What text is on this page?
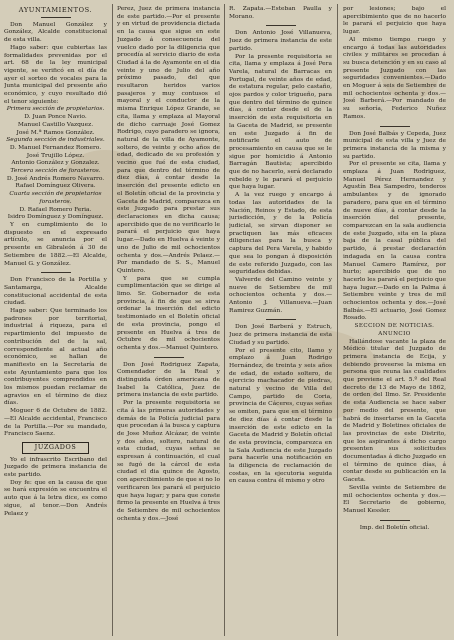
AYUNTAMIENTOS.

Don Manuel González y González, Alcalde constitucional de esta villa.

Hago saber: que cubiertas las formalidades prevenidas por el art. 68 de la ley municipal vigente, se verificó en el día de ayer el sorteo de vocales para la Junta municipal del presente año económico, y cuyo resultado dió el tenor siguiente:

Primera sección de propietarios.

D. Juan Ponce Navio.
Manuel Castillo Vazquez.
José M.ª Ramos González.

Segunda sección de industriales.

D. Manuel Fernandez Romero.
José Trujillo López.
Antonio González y Gonzalez.

Tercera sección de forasteros.

D. José Andrés Romero Navarro.
Rafael Domínguez Olivera.

Cuarta sección de propietarios forasteros.

D. Rafael Romero Feria.
Isidro Domínguez y Domínguez.

Y en cumplimiento de lo dispuesto en el expresado artículo, se anuncia por el presente en Gibraleón á 30 de Setiembre de 1882.—El Alcalde, Manuel G. y González.

Don Francisco de la Portilla y Santamarga, Alcalde constitucional accidental de esta ciudad.

Hago saber: Que terminado los padrones por territorial, industrial á riqueza, para el repartimiento del impuesto de contribución del de la sal, correspondiente al actual año económico, se hallan de manifiesto en la Secretaría de este Ayuntamiento para que los contribuyentes comprendidos en los mismos puedan reclamar de agravios en el término de diez días.

Moguer 6 de Octubre de 1882.—El Alcalde accidental, Francisco de la Portilla.—Por su mandado, Francisco Saenz.

JUZGADOS

Yo el infrascrito Escribano del Juzgado de primera instancia de este partido.

Doy fe: que en la causa de que se hará expresión se encuentra el auto que á la letra dice, es como sigue, al tenor.—Don Andrés Pelaez y

Perez, Juez de primera instancia de este partido.—Por el presente y en virtud de providencia dictada en la causa que sigue en este Juzgado á consecuencia del vuelco dado por la diligencia que procedía al servicio diario de esta Ciudad á la de Ayamonte en el dia veinte y uno de Julio del año próximo pasado, del que resultaron heridos varios pasajeros y muy contusos el mayoral y el conductor de la misma Enrique López Grande, se cita, llama y emplaza al Mayoral de dicho carruaje José Gomez Rodrigo, cuyo paradero se ignora, natural de la villa de Ayamonte, soltero, de veinte y ocho años de edad, dedicado de su profesión y vecino que fué de esta ciudad, para que dentro del término de diez días, á contar desde la inserción del presente edicto en el Boletín oficial de la provincia y Gaceta de Madrid, comparezca en este Juzgado para prestar sus declaraciones en dicha causa; apercibido que de no verificarlo le parará el perjuicio que haya lugar.—Dado en Huelva á veinte y uno de Julio de mil ochocientos ochenta y dos.—Andrés Pelaez.—Por mandado de S. S., Manuel Quintero.

Y para que se cumpla cumplimentación que se dirige al limo. Sr. Gobernador de esta provincia, á fin de que se sirva ordenar la inserción del edicto testimoniado en el Boletín oficial de esta provincia, pongo el presente en Huelva á tres de Octubre de mil ochocientos ochenta y dos.—Manuel Quintero.

Don José Rodriguez Zapata, Comendador de la Real y distinguida órden americana de Isabel la Católica, Juez de primera instancia de este partido.

Por la presente requisitoria se cita á las primeras autoridades y demás de la Policía judicial para que procedan á la busca y captura de Jose Muñoz Alcázar, de veinte y dos años, soltero, natural de esta ciudad, cuyas señas se expresan á continuación, el cual se fugó de la cárcel de esta ciudad el dia quince de Agosto, con apercibimiento de que si no lo verificaren les parará el perjuicio que haya lugar; y para que conste firmo la presente en Huelva á tres de Setiembre de mil ochocientos ochenta y dos.—José

R. Zapata.—Esteban Paulla y Morano.

Don Antonio José Villanueva, Juez de primera instancia de este partido.

Por la presente requisitoria se cita, llama y emplaza á José Pera Varela, natural de Barracas en Portugal, de veinte años de edad, de estatura regular, pelo castaño, ojos pardos y color trigueño, para que dentro del término de quince días, á contar desde el de la inserción de esta requisitoria en la Gaceta de Madrid, se presente en este Juzgado á fin de notificarle el auto de procesamiento en causa que se le sigue por homicidio á Antonio Barragán Bautista; apercibido que de no hacerlo, será declarado rebelde y le parará el perjuicio que haya lugar.

A la vez ruego y encargo á todas las autoridades de la Nación, Reinos y Estado, de esta jurisdicción, y de la Policía judicial, se sirvan disponer se practiquen las más eficaces diligencias para la busca y captura del Pera Varela, y habido que sea lo pongan á disposición de este referido Juzgado, con las seguridades debidas.

Valverde del Camino veinte y nueve de Setiembre de mil ochocientos ochenta y dos.—Antonio J. Villanueva.—Juan Ramirez Guzmán.

Don José Barberá y Estruch, Juez de primera instancia de esta Ciudad y su partido.

Por el presente cito, llamo y emplazo á Juan Rodrigo Hernández, de treinta y seis años de edad, de estado soltero, de ejercicio machacador de piedras, natural y vecino de Villa del Campo, partido de Coria, provincia de Cáceres, cuyas señas se omiten, para que en el término de diez días á contar desde la inserción de este edicto en la Gaceta de Madrid y Boletín oficial de esta provincia, comparezca en la Sala Audiencia de este Juzgado para hacerle una notificación en la diligencia de reclamación de costas, en la ejecutoria seguida en causa contra él mismo y otro

por lesiones; bajo el apercibimiento que de no hacerlo le parará el perjuicio que haya lugar.

Al mismo tiempo ruego y encargo á todas las autoridades civiles y militares se procedan á su busca detención y en su caso al presente Juzgado con las seguridades convenientes.—Dado en Moguer á seis de Setiembre de mil ochocientos ochenta y dos.—José Barberá.—Por mandado de su señoría, Federico Nuñez Ramos.

Don José Balbás y Cepeda, Juez municipal de esta villa y Juez de primera instancia de la misma y su partido.

Por el presente se cita, llama y emplaza á Juan Rodriguez, Manuel Pérez Hernandez y Agustín Bea Sampedro, tenderos ambulantes y de ignorado paradero, para que en el término de nueve días, á contar desde la inserción del presente, comparezcan en la sala audiencia de este Juzgado, sita en la plaza baja de la casal pública del partido, á prestar declaración indagada en la causa contra Manuel Camero Ramírez, por hurto; apercibido que de no hacerlo les parará el perjuicio que haya lugar.—Dado en la Palma á Setiembre veinte y tres de mil ochocientos ochenta y dos.—José Balbás.—El actuario, José Gomez Rosado.

SECCION DE NOTICIAS.

ANUNCIO

Hallándose vacante la plaza de Médico titular del Juzgado de primera instancia de Ecija, y debiendo proveerse la misma en persona que reuna las cualidades que previene el art. 5.º del Real decreto de 13 de Mayo de 1862, de orden del Ilmo. Sr. Presidente de esta Audiencia se hace saber por medio del presente, que habrá de insertarse en la Gaceta de Madrid y Boletines oficiales de las provincias de este Distrito, que los aspirantes á dicho cargo presenten sus solicitudes documentadas á dicho Juzgado en el término de quince días, á contar desde su publicación en la Gaceta.

Sevilla veinte de Setiembre de mil ochocientos ochenta y dos.—El Secretario de gobierno, Manuel Kessler.

Imp. del Boletín oficial.
